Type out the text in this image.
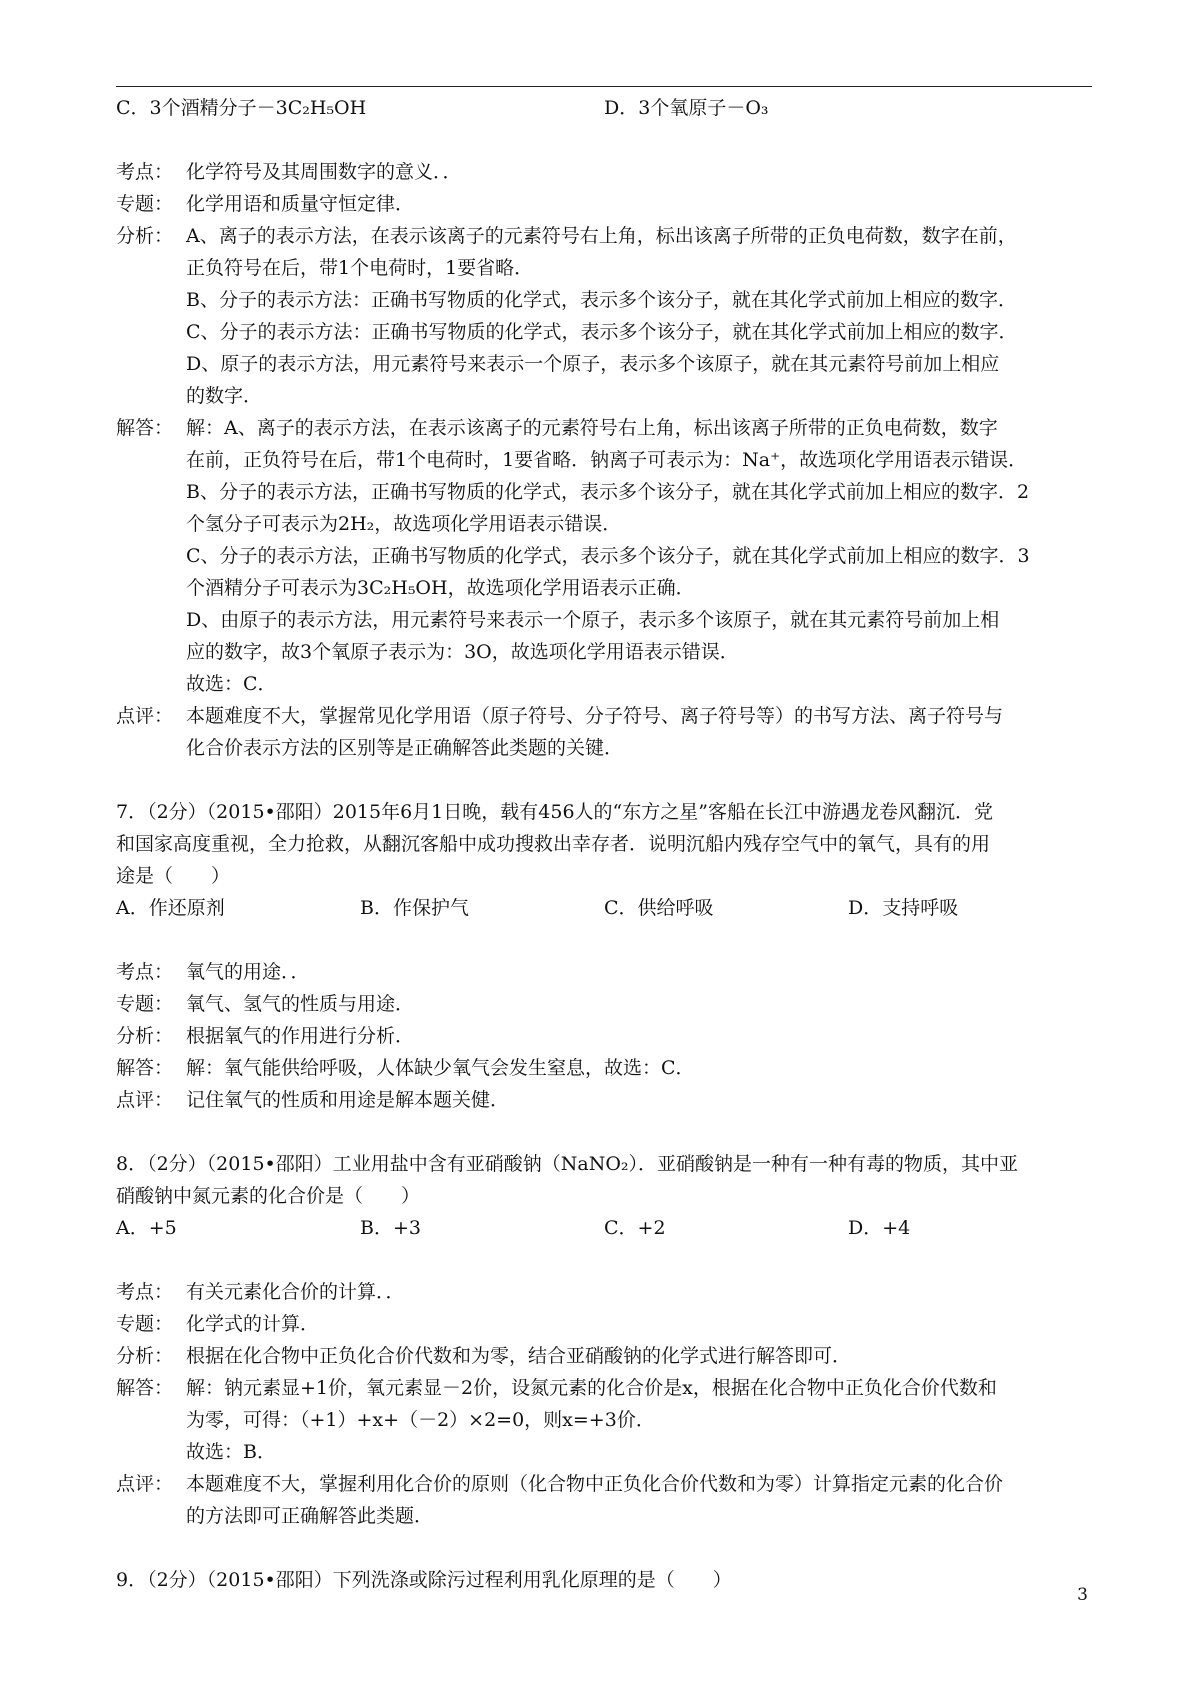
C．3个酒精分子－3C₂H₅OH	D．3个氧原子－O₃
考点： 化学符号及其周围数字的意义．．
专题： 化学用语和质量守恒定律．
分析： A、离子的表示方法，在表示该离子的元素符号右上角，标出该离子所带的正负电荷数，数字在前，
正负符号在后，带1个电荷时，1要省略．
B、分子的表示方法：正确书写物质的化学式，表示多个该分子，就在其化学式前加上相应的数字．
C、分子的表示方法：正确书写物质的化学式，表示多个该分子，就在其化学式前加上相应的数字．
D、原子的表示方法，用元素符号来表示一个原子，表示多个该原子，就在其元素符号前加上相应
的数字．
解答： 解：A、离子的表示方法，在表示该离子的元素符号右上角，标出该离子所带的正负电荷数，数字
在前，正负符号在后，带1个电荷时，1要省略．钠离子可表示为：Na⁺，故选项化学用语表示错误．
B、分子的表示方法，正确书写物质的化学式，表示多个该分子，就在其化学式前加上相应的数字．2
个氢分子可表示为2H₂，故选项化学用语表示错误．
C、分子的表示方法，正确书写物质的化学式，表示多个该分子，就在其化学式前加上相应的数字．3
个酒精分子可表示为3C₂H₅OH，故选项化学用语表示正确．
D、由原子的表示方法，用元素符号来表示一个原子，表示多个该原子，就在其元素符号前加上相
应的数字，故3个氧原子表示为：3O，故选项化学用语表示错误．
故选：C．
点评： 本题难度不大，掌握常见化学用语（原子符号、分子符号、离子符号等）的书写方法、离子符号与
化合价表示方法的区别等是正确解答此类题的关键．
7．（2分）（2015•邵阳）2015年6月1日晚，载有456人的“东方之星”客船在长江中游遇龙卷风翻沉．党
和国家高度重视，全力抢救，从翻沉客船中成功搜救出幸存者．说明沉船内残存空气中的氧气，具有的用
途是（　　）
A．作还原剂	B．作保护气	C．供给呼吸	D．支持呼吸
考点： 氧气的用途．．
专题： 氧气、氢气的性质与用途．
分析： 根据氧气的作用进行分析．
解答： 解：氧气能供给呼吸，人体缺少氧气会发生窒息，故选：C．
点评： 记住氧气的性质和用途是解本题关健．
8．（2分）（2015•邵阳）工业用盐中含有亚硝酸钠（NaNO₂）．亚硝酸钠是一种有一种有毒的物质，其中亚
硝酸钠中氮元素的化合价是（　　）
A．+5	B．+3	C．+2	D．+4
考点： 有关元素化合价的计算．．
专题： 化学式的计算．
分析： 根据在化合物中正负化合价代数和为零，结合亚硝酸钠的化学式进行解答即可．
解答： 解：钠元素显+1价，氧元素显－2价，设氮元素的化合价是x，根据在化合物中正负化合价代数和
为零，可得：（+1）+x+（－2）×2=0，则x=+3价．
故选：B．
点评： 本题难度不大，掌握利用化合价的原则（化合物中正负化合价代数和为零）计算指定元素的化合价
的方法即可正确解答此类题．
9．（2分）（2015•邵阳）下列洗涤或除污过程利用乳化原理的是（　　）
3
